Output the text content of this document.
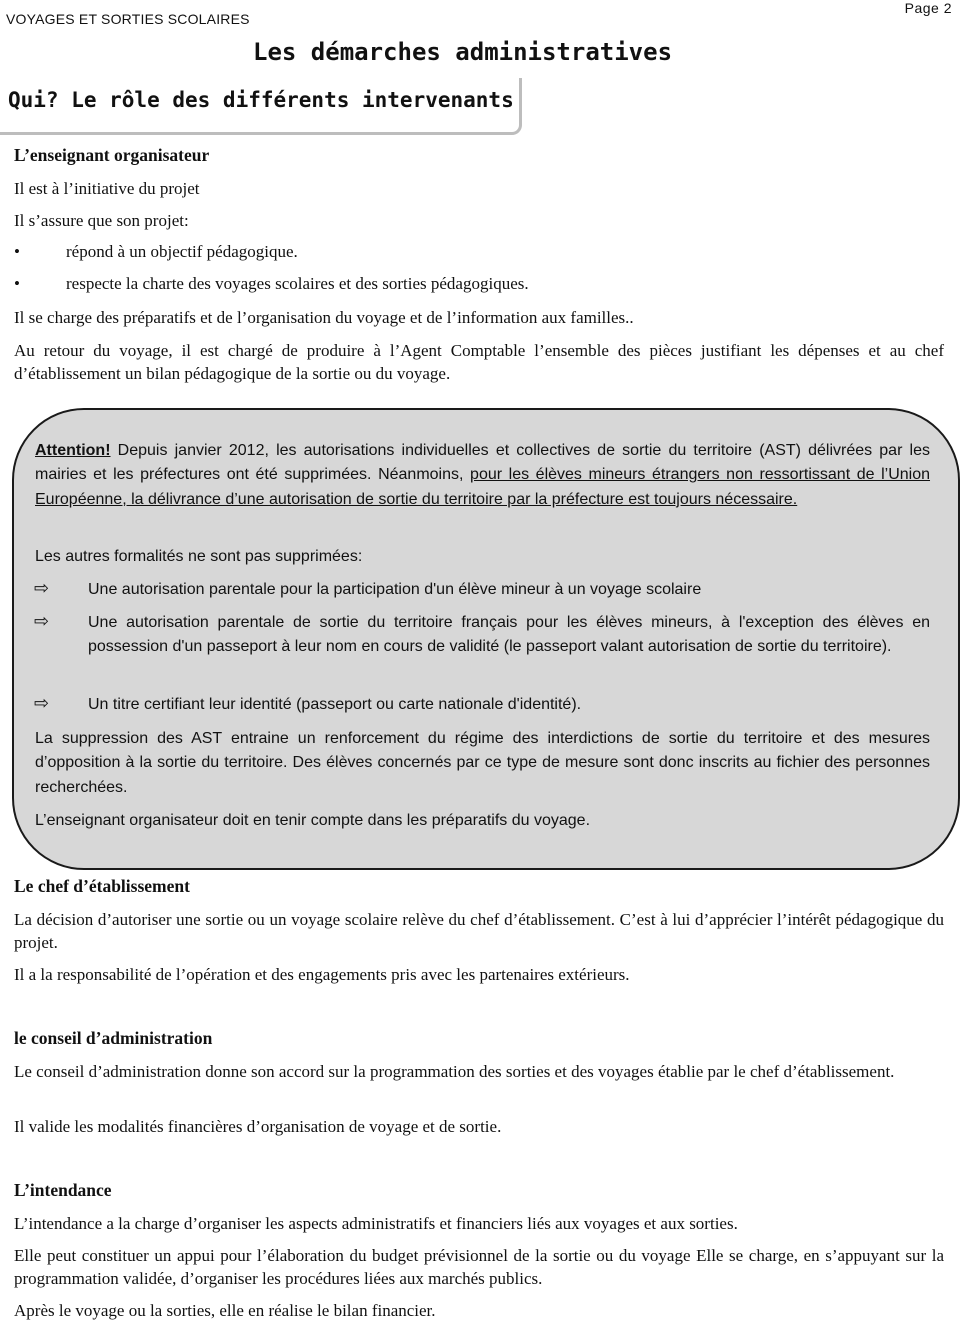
VOYAGES ET SORTIES SCOLAIRES
Page 2
Les démarches administratives
Qui? Le rôle des différents intervenants
L’enseignant organisateur
Il est à l’initiative du projet
Il s’assure que son projet:
•	répond à un objectif pédagogique.
•	respecte la charte des voyages scolaires et des sorties pédagogiques.
Il se charge des préparatifs et de l’organisation du voyage et de l’information aux familles..
Au retour du voyage, il est chargé de produire à l’Agent Comptable l’ensemble des pièces justifiant les dépenses et au chef d’établissement un bilan pédagogique de la sortie ou du voyage.
Attention! Depuis janvier 2012, les autorisations individuelles et collectives de sortie du territoire (AST) délivrées par les mairies et les préfectures ont été supprimées. Néanmoins, pour les élèves mineurs étrangers non ressortissant de l’Union Européenne, la délivrance d’une autorisation de sortie du territoire par la préfecture est toujours nécessaire.
Les autres formalités ne sont pas supprimées:
⇨ Une autorisation parentale pour la participation d'un élève mineur à un voyage scolaire
⇨ Une autorisation parentale de sortie du territoire français pour les élèves mineurs, à l'exception des élèves en possession d'un passeport à leur nom en cours de validité (le passeport valant autorisation de sortie du territoire).
⇨ Un titre certifiant leur identité (passeport ou carte nationale d'identité).
La suppression des AST entraine un renforcement du régime des interdictions de sortie du territoire et des mesures d’opposition à la sortie du territoire. Des élèves concernés par ce type de mesure sont donc inscrits au fichier des personnes recherchées.
L’enseignant organisateur doit en tenir compte dans les préparatifs du voyage.
Le chef d’établissement
La décision d’autoriser une sortie ou un voyage scolaire relève du chef d’établissement. C’est à lui d’apprécier l’intérêt pédagogique du projet.
Il a la responsabilité de l’opération et des engagements pris avec les partenaires extérieurs.
le conseil d’administration
Le conseil d’administration donne son accord sur la programmation des sorties et des voyages établie par le chef d’établissement.
Il valide les modalités financières d’organisation de voyage et de sortie.
L’intendance
L’intendance a la charge d’organiser les aspects administratifs et financiers liés aux voyages et aux sorties.
Elle peut constituer un appui pour l’élaboration du budget prévisionnel de la sortie ou du voyage Elle se charge, en s’appuyant sur la programmation validée, d’organiser les procédures liées aux marchés publics.
Après le voyage ou la sorties, elle en réalise le bilan financier.
